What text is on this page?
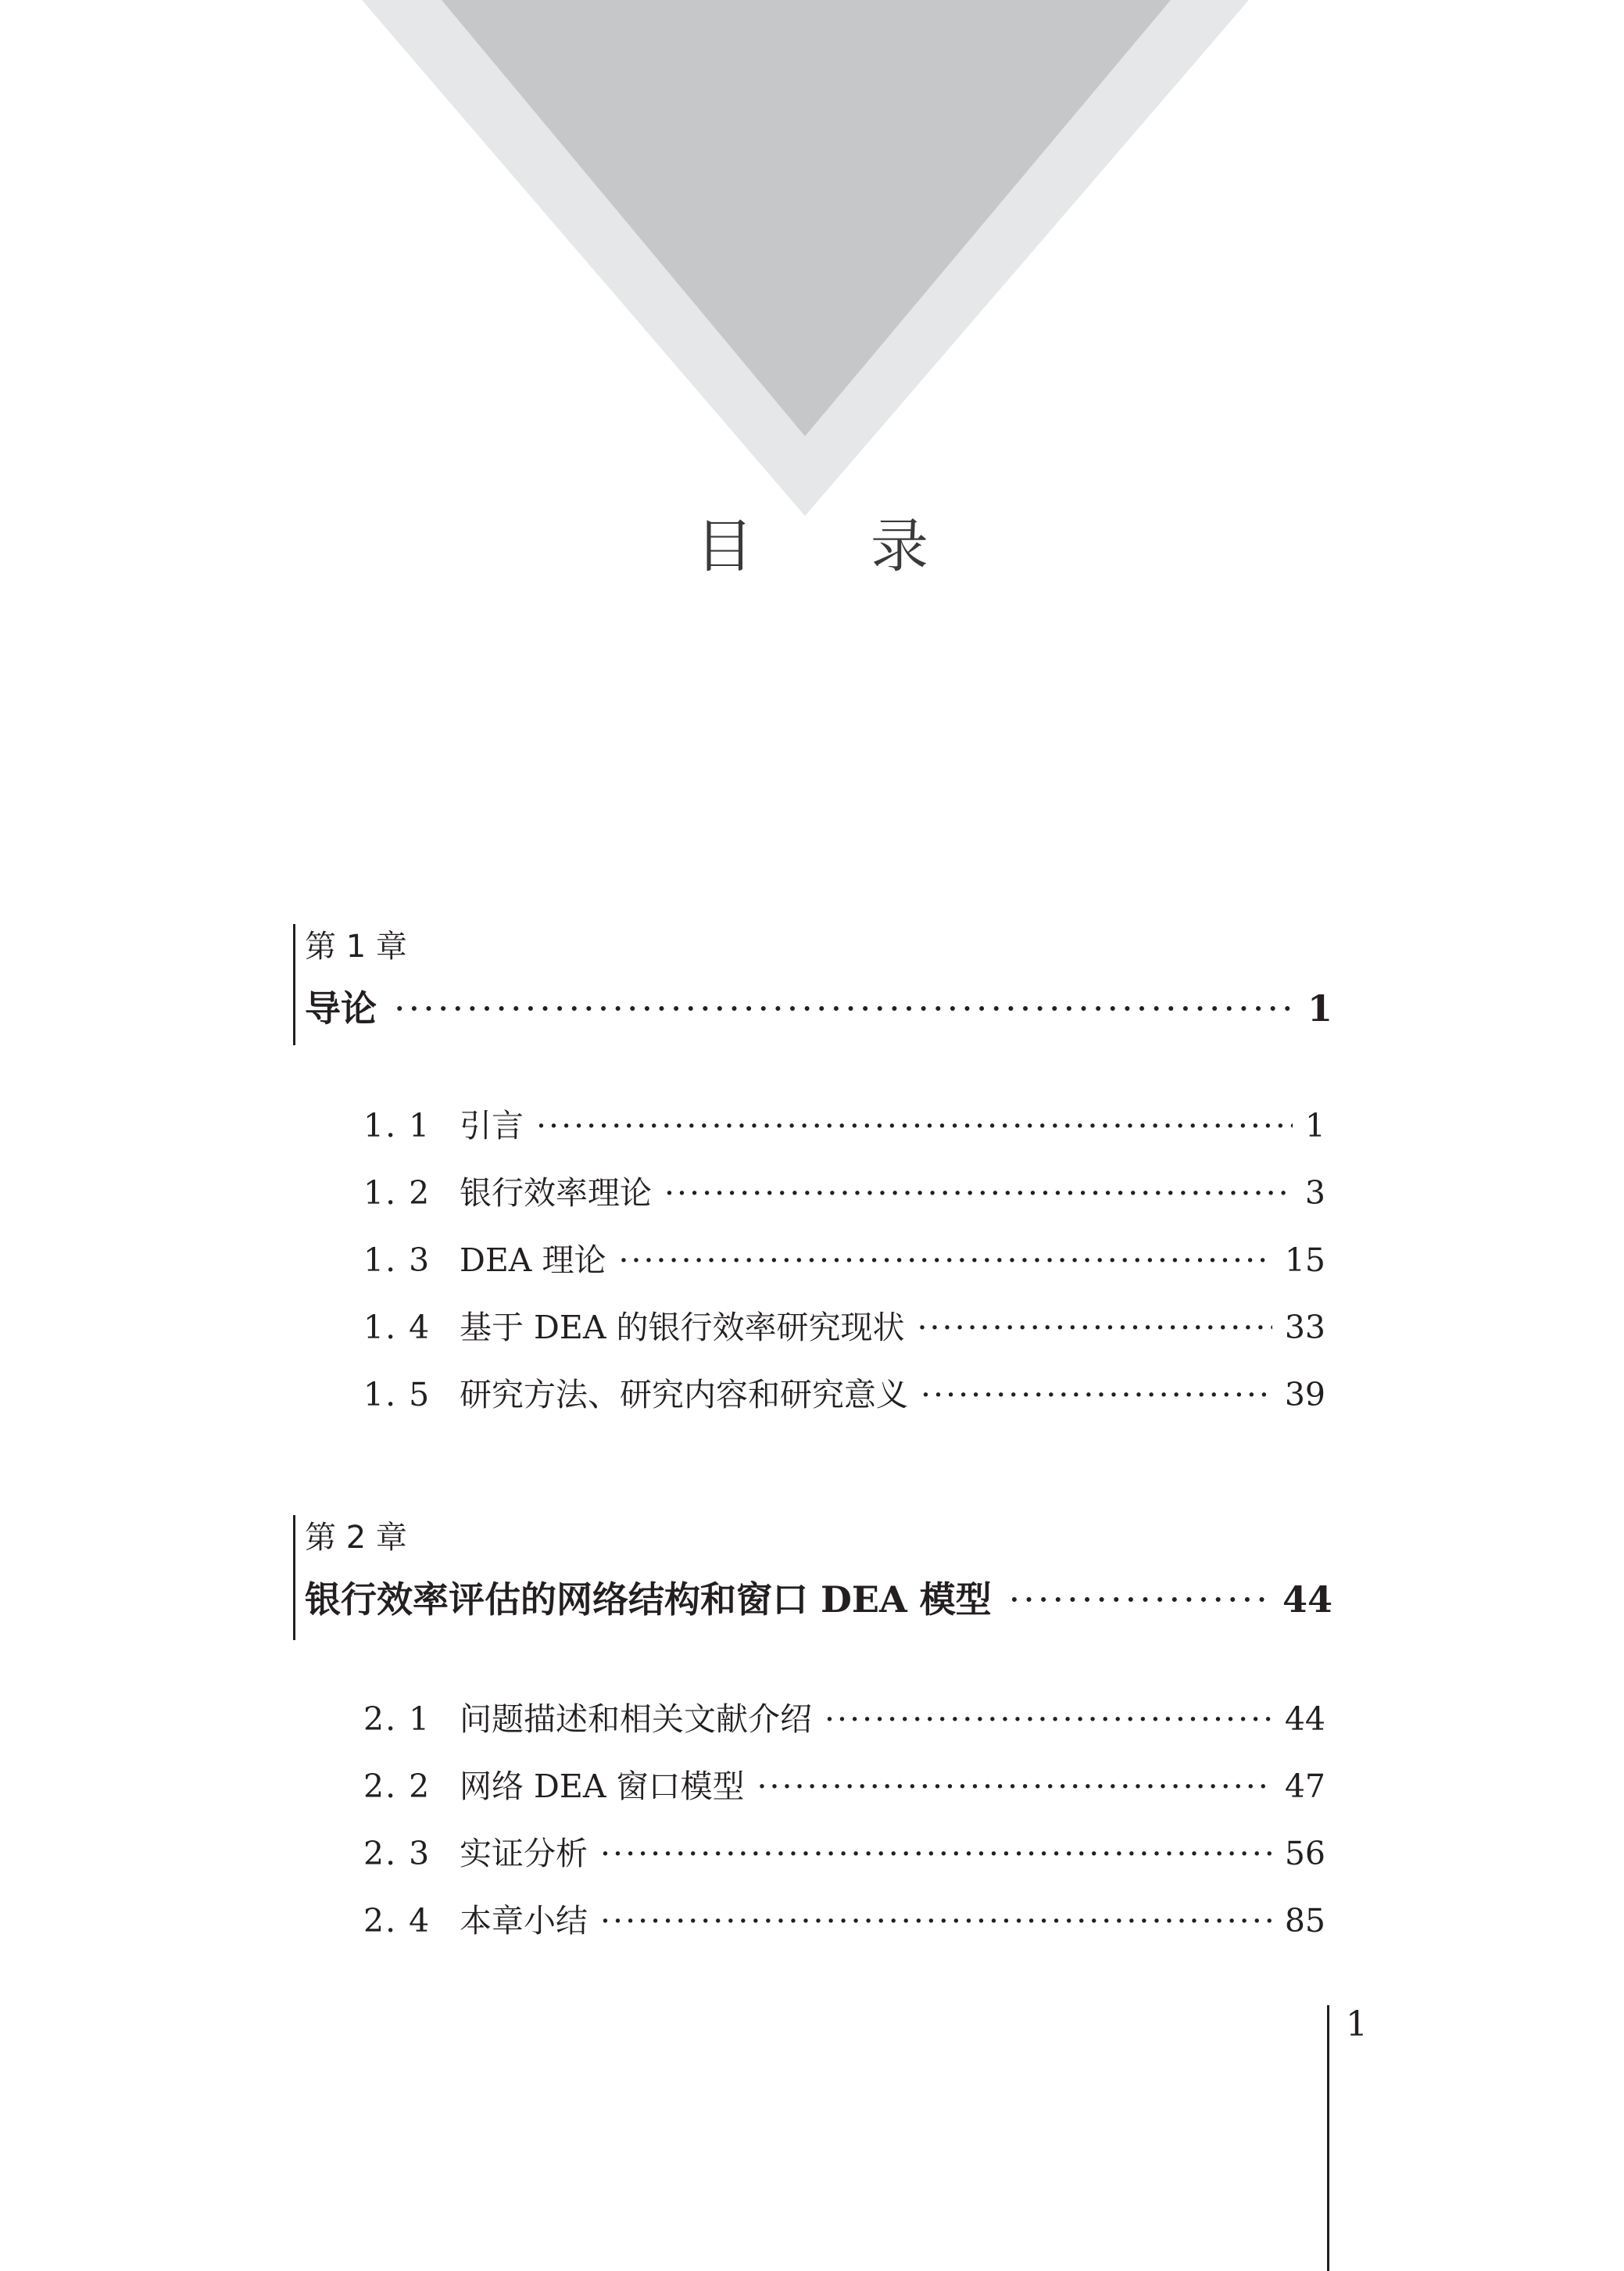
目录
第 1 章
导论 ·····	1
1. 1 引言 ·····	1
1. 2 银行效率理论 ·····	3
1. 3 DEA 理论 ·····	15
1. 4 基于 DEA 的银行效率研究现状 ·····	33
1. 5 研究方法、研究内容和研究意义 ·····	39
第 2 章
银行效率评估的网络结构和窗口 DEA 模型 ·····	44
2. 1 问题描述和相关文献介绍 ·····	44
2. 2 网络 DEA 窗口模型 ·····	47
2. 3 实证分析 ·····	56
2. 4 本章小结 ·····	85
1
